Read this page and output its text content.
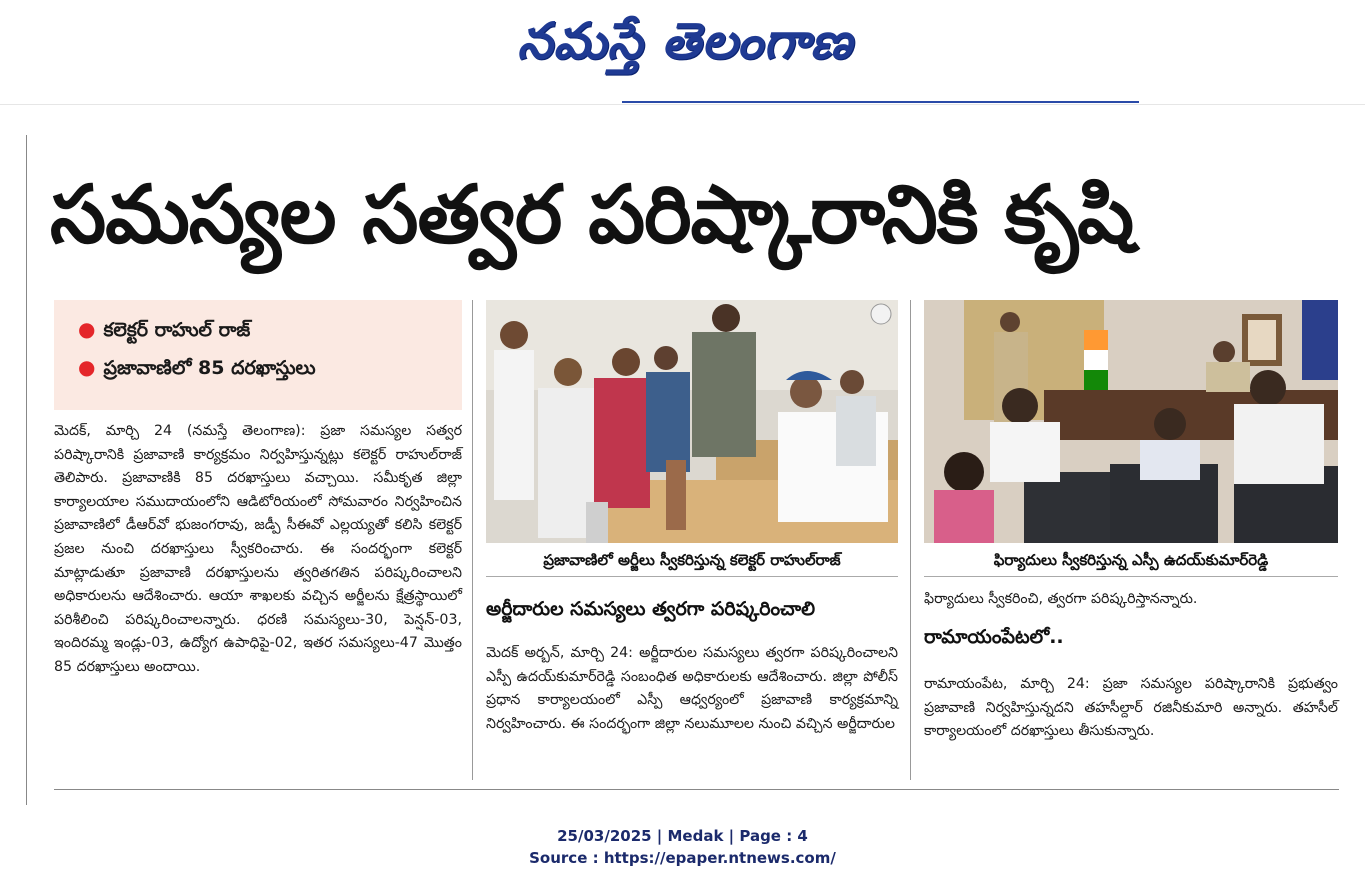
నమస్తే తెలంగాణ
సమస్యల సత్వర పరిష్కారానికి కృషి
● కలెక్టర్ రాహుల్ రాజ్
● ప్రజావాణిలో 85 దరఖాస్తులు
మెదక్, మార్చి 24 (నమస్తే తెలంగాణ): ప్రజా సమస్యల సత్వర పరిష్కారానికి ప్రజావాణి కార్యక్రమం నిర్వహిస్తున్నట్లు కలెక్టర్ రాహుల్‌రాజ్ తెలిపారు. ప్రజావాణికి 85 దరఖాస్తులు వచ్చాయి. సమీకృత జిల్లా కార్యాలయాల సముదాయంలోని ఆడిటోరియంలో సోమవారం నిర్వహించిన ప్రజావాణిలో డీఆర్‌వో భుజంగరావు, జడ్పీ సీఈవో ఎల్లయ్యతో కలిసి కలెక్టర్ ప్రజల నుంచి దరఖాస్తులు స్వీకరించారు. ఈ సందర్భంగా కలెక్టర్ మాట్లాడుతూ ప్రజావాణి దరఖాస్తులను త్వరితగతిన పరిష్కరించాలని అధికారులను ఆదేశించారు. ఆయా శాఖలకు వచ్చిన అర్జీలను క్షేత్రస్థాయిలో పరిశీలించి పరిష్కరించాలన్నారు. ధరణి సమస్యలు-30, పెన్షన్-03, ఇందిరమ్మ ఇండ్లు-03, ఉద్యోగ ఉపాధిపై-02, ఇతర సమస్యలు-47 మొత్తం 85 దరఖాస్తులు అందాయి.
ప్రజావాణిలో అర్జీలు స్వీకరిస్తున్న కలెక్టర్ రాహుల్‌రాజ్	ఫిర్యాదులు స్వీకరిస్తున్న ఎస్పీ ఉదయ్‌కుమార్‌రెడ్డి
అర్జీదారుల సమస్యలు త్వరగా పరిష్కరించాలి
మెదక్ అర్బన్, మార్చి 24: అర్జీదారుల సమస్యలు త్వరగా పరిష్కరించాలని ఎస్పీ ఉదయ్‌కుమార్‌రెడ్డి సంబంధిత అధికారులకు ఆదేశించారు. జిల్లా పోలీస్ ప్రధాన కార్యాలయంలో ఎస్పీ ఆధ్వర్యంలో ప్రజావాణి కార్యక్రమాన్ని నిర్వహించారు. ఈ సందర్భంగా జిల్లా నలుమూలల నుంచి వచ్చిన అర్జీదారుల
ఫిర్యాదులు స్వీకరించి, త్వరగా పరిష్కరిస్తానన్నారు.
రామాయంపేటలో..
రామాయంపేట, మార్చి 24: ప్రజా సమస్యల పరిష్కారానికి ప్రభుత్వం ప్రజావాణి నిర్వహిస్తున్నదని తహసీల్దార్ రజినీకుమారి అన్నారు. తహసీల్ కార్యాలయంలో దరఖాస్తులు తీసుకున్నారు.
25/03/2025 | Medak | Page : 4
Source : https://epaper.ntnews.com/
